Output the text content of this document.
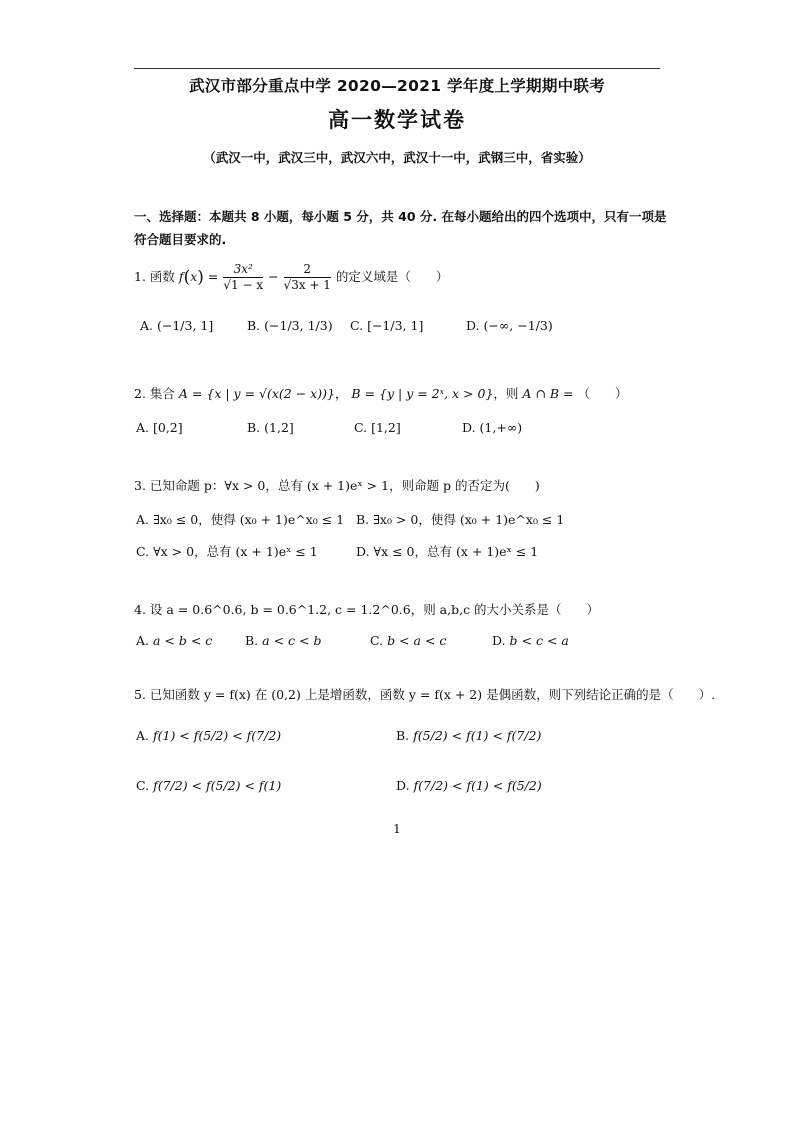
武汉市部分重点中学 2020—2021 学年度上学期期中联考
高一数学试卷
（武汉一中，武汉三中，武汉六中，武汉十一中，武钢三中，省实验）
一、选择题：本题共 8 小题，每小题 5 分，共 40 分. 在每小题给出的四个选项中，只有一项是符合题目要求的.
1. 函数 $f(x) = \frac{\text{3x²}}{√1 - x} - \frac{2}{√3x + 1}$ 的定义域是（　　）
A. (−1/3, 1]	B. (−1/3, 1/3) C. [−1/3, 1]	D. (−∞, −1/3)
2. 集合 A = {x | y = √(x(2 − x))}， B = {y | y = 2ˣ, x > 0}，则 A ∩ B = （　　）
A. [0,2]	B. (1,2]	C. [1,2]	D. (1,+∞)
3. 已知命题 p：∀x > 0，总有 (x + 1)eˣ > 1，则命题 p 的否定为(　　)
A. ∃x₀ ≤ 0，使得 (x₀ + 1)e^x₀ ≤ 1 B. ∃x₀ > 0，使得 (x₀ + 1)e^x₀ ≤ 1
C. ∀x > 0，总有 (x + 1)eˣ ≤ 1	D. ∀x ≤ 0，总有 (x + 1)eˣ ≤ 1
4. 设 a = 0.6^0.6, b = 0.6^1.2, c = 1.2^0.6，则 a,b,c 的大小关系是（　　）
A. a < b < c	B. a < c < b	C. b < a < c	D. b < c < a
5. 已知函数 y = f(x) 在 (0,2) 上是增函数，函数 y = f(x + 2) 是偶函数，则下列结论正确的是（　　）.
A. f(1) < f(5/2) < f(7/2)	B. f(5/2) < f(1) < f(7/2)
C. f(7/2) < f(5/2) < f(1)	D. f(7/2) < f(1) < f(5/2)
1
